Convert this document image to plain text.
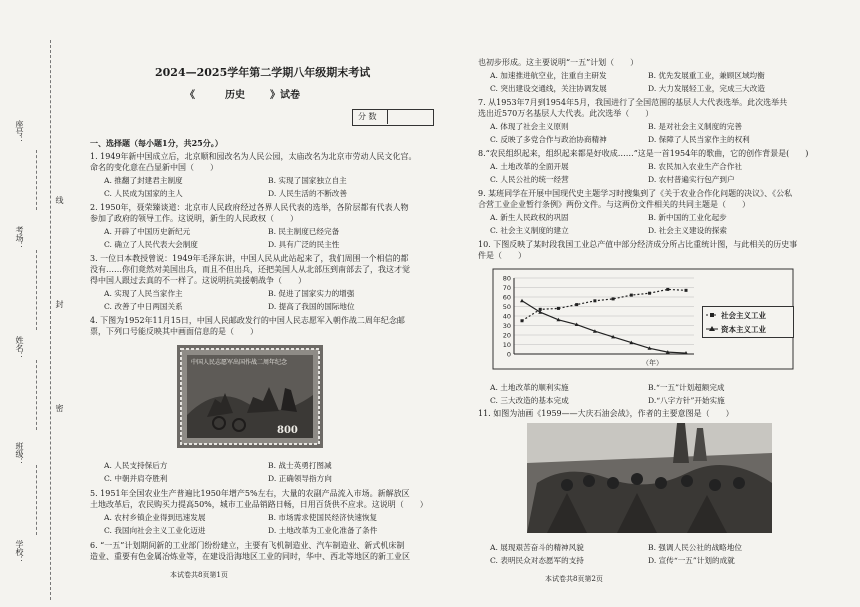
座号：
考场：
姓名：
班级：
学校：
线
封
密
2024—2025学年第二学期八年级期末考试
《	历史	》试卷
分 数
一、选择题（每小题1分，共25分。）
1. 1949年新中国成立后，北京顺和园改名为人民公园，太庙改名为北京市劳动人民文化宫。
命名的变化意在凸显新中国（　　）
A. 推翻了封建君主制度	B. 实现了国家独立自主
C. 人民成为国家的主人	D. 人民生活的不断改善
2. 1950年，聂荣臻谈道：北京市人民政府经过各界人民代表的选举，各阶层都有代表人物
参加了政府的领导工作。这说明，新生的人民政权（　　）
A. 开辟了中国历史新纪元	B. 民主制度已经完备
C. 确立了人民代表大会制度	D. 具有广泛的民主性
3. 一位日本教授曾说：1949年毛泽东讲，中国人民从此站起来了，我们周围一个相信的都
没有……你们竟然对美国出兵，而且不但出兵，还把美国人从北部压到南部去了，我这才觉
得中国人跟过去真的不一样了。这说明抗美援朝战争（　　）
A. 实现了人民当家作主	B. 促进了国家实力的增强
C. 改善了中日两国关系	D. 提高了我国的国际地位
4. 下图为1952年11月15日，中国人民邮政发行的中国人民志愿军入朝作战二周年纪念邮
票，下列口号能反映其中画面信息的是（　　）
中国人民志愿军出国作战二周年纪念
800
A. 人民支持保后方	B. 战士英勇打图减
C. 中朝并肩夺胜利	D. 正确领导指方向
5. 1951年全国农业生产普遍比1950年增产5%左右，大量的农副产品流入市场。新解放区
土地改革后，农民购买力提高50%，城市工业品销路日畅，日用百货供不应求。这说明（　　）
A. 农村乡镇企业得到迅速发展	B. 市场需求使国民经济快速恢复
C. 我国向社会主义工业化迈进	D. 土地改革为工业化准备了条件
6. “一五”计划期间新的工业部门纷纷建立，主要有飞机制造业、汽车制造业、新式机床制
造业、重要有色金属冶炼业等，在建设沿海地区工业的同时，华中、西北等地区的新工业区
本试卷共8页第1页
也初步形成。这主要说明“一五”计划（　　）
A. 加速推进航空业，注重自主研发	B. 优先发展重工业，兼顾区域均衡
C. 突出建设交通线，关注协调发展	D. 大力发展轻工业，完成三大改造
7. 从1953年7月到1954年5月，我国进行了全国范围的基层人大代表选举。此次选举共
选出近570万名基层人大代表。此次选举（　　）
A. 体现了社会主义原则	B. 是对社会主义制度的完善
C. 反映了多党合作与政治协商精神	D. 保障了人民当家作主的权利
8.“农民组织起来，组织起来都是好收成……”这是一首1954年的歌曲，它的创作背景是(　　)
A. 土地改革的全面开展	B. 农民加入农业生产合作社
C. 人民公社的统一经营	D. 农村普遍实行包产到户
9. 某班同学在开展中国现代史主题学习时搜集到了《关于农业合作化问题的决议》、《公私
合营工业企业暂行条例》两份文件。与这两份文件相关的共同主题是（　　）
A. 新生人民政权的巩固	B. 新中国的工业化起步
C. 社会主义制度的建立	D. 社会主义建设的探索
10. 下图反映了某时段我国工业总产值中部分经济成分所占比重统计图，与此相关的历史事
件是（　　）
0
10
20
30
40
50
60
70
80
社会主义工业
资本主义工业
（年）
A. 土地改革的顺利实施	B.“一五”计划超额完成
C. 三大改造的基本完成	D.“八字方针”开始实施
11. 如图为油画《1959——大庆石油会战》，作者的主要意图是（　　）
A. 展现艰苦奋斗的精神风貌	B. 强调人民公社的战略地位
C. 表明民众对态愿军的支持	D. 宣传“一五”计划的成就
本试卷共8页第2页
